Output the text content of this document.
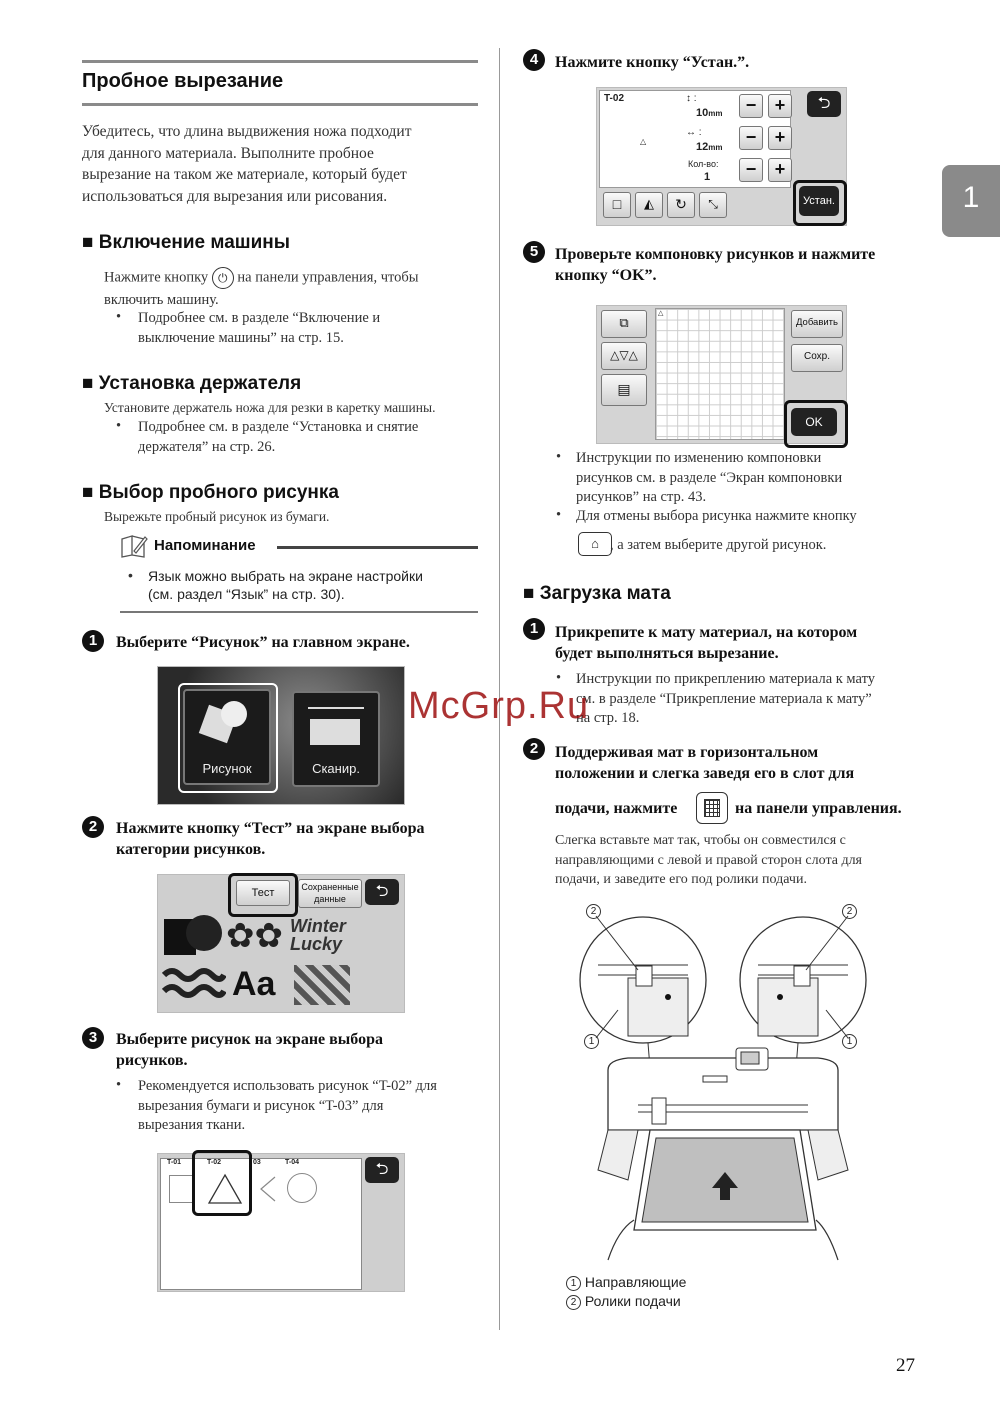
Пробное вырезание
Убедитесь, что длина выдвижения ножа подходит
для данного материала. Выполните пробное
вырезание на таком же материале, который будет
использоваться для вырезания или рисования.
■ Включение машины
Нажмите кнопку ⏻ на панели управления, чтобы
включить машину.
• Подробнее см. в разделе “Включение и
выключение машины” на стр. 15.
■ Установка держателя
Установите держатель ножа для резки в каретку машины.
• Подробнее см. в разделе “Установка и снятие
держателя” на стр. 26.
■ Выбор пробного рисунка
Вырежьте пробный рисунок из бумаги.
Напоминание
• Язык можно выбрать на экране настройки
(см. раздел “Язык” на стр. 30).
1	Выберите “Рисунок” на главном экране.
Рисунок	Сканир.
2	Нажмите кнопку “Тест” на экране выбора
категории рисунков.
Тест	Сохраненные
данные	⮌
✿✿ Winter
Lucky
Aa
3	Выберите рисунок на экране выбора
рисунков.
• Рекомендуется использовать рисунок “T-02” для
вырезания бумаги и рисунок “T-03” для
вырезания ткани.
T-01	T-02	03	T-04	⮌
4	Нажмите кнопку “Устан.”.
T-02	↕ :
10mm
↔ :
12mm
△
Кол-во:
1
−	+
−	+
−	+
⮌
□	◭	↻	⤡	Устан.
5	Проверьте компоновку рисунков и нажмите
кнопку “OK”.
⧉
△▽△
▤
△
Добавить
Сохр.
OK
• Инструкции по изменению компоновки
рисунков см. в разделе “Экран компоновки
рисунков” на стр. 43.
• Для отмены выбора рисунка нажмите кнопку
⌂ , а затем выберите другой рисунок.
■ Загрузка мата
1	Прикрепите к мату материал, на котором
будет выполняться вырезание.
• Инструкции по прикреплению материала к мату
см. в разделе “Прикрепление материала к мату”
на стр. 18.
2	Поддерживая мат в горизонтальном
положении и слегка заведя его в слот для
подачи, нажмите	на панели управления.
Слегка вставьте мат так, чтобы он совместился с
направляющими с левой и правой сторон слота для
подачи, и заведите его под ролики подачи.
2	2
1	1
1 Направляющие
2 Ролики подачи
McGrp.Ru
1
27
